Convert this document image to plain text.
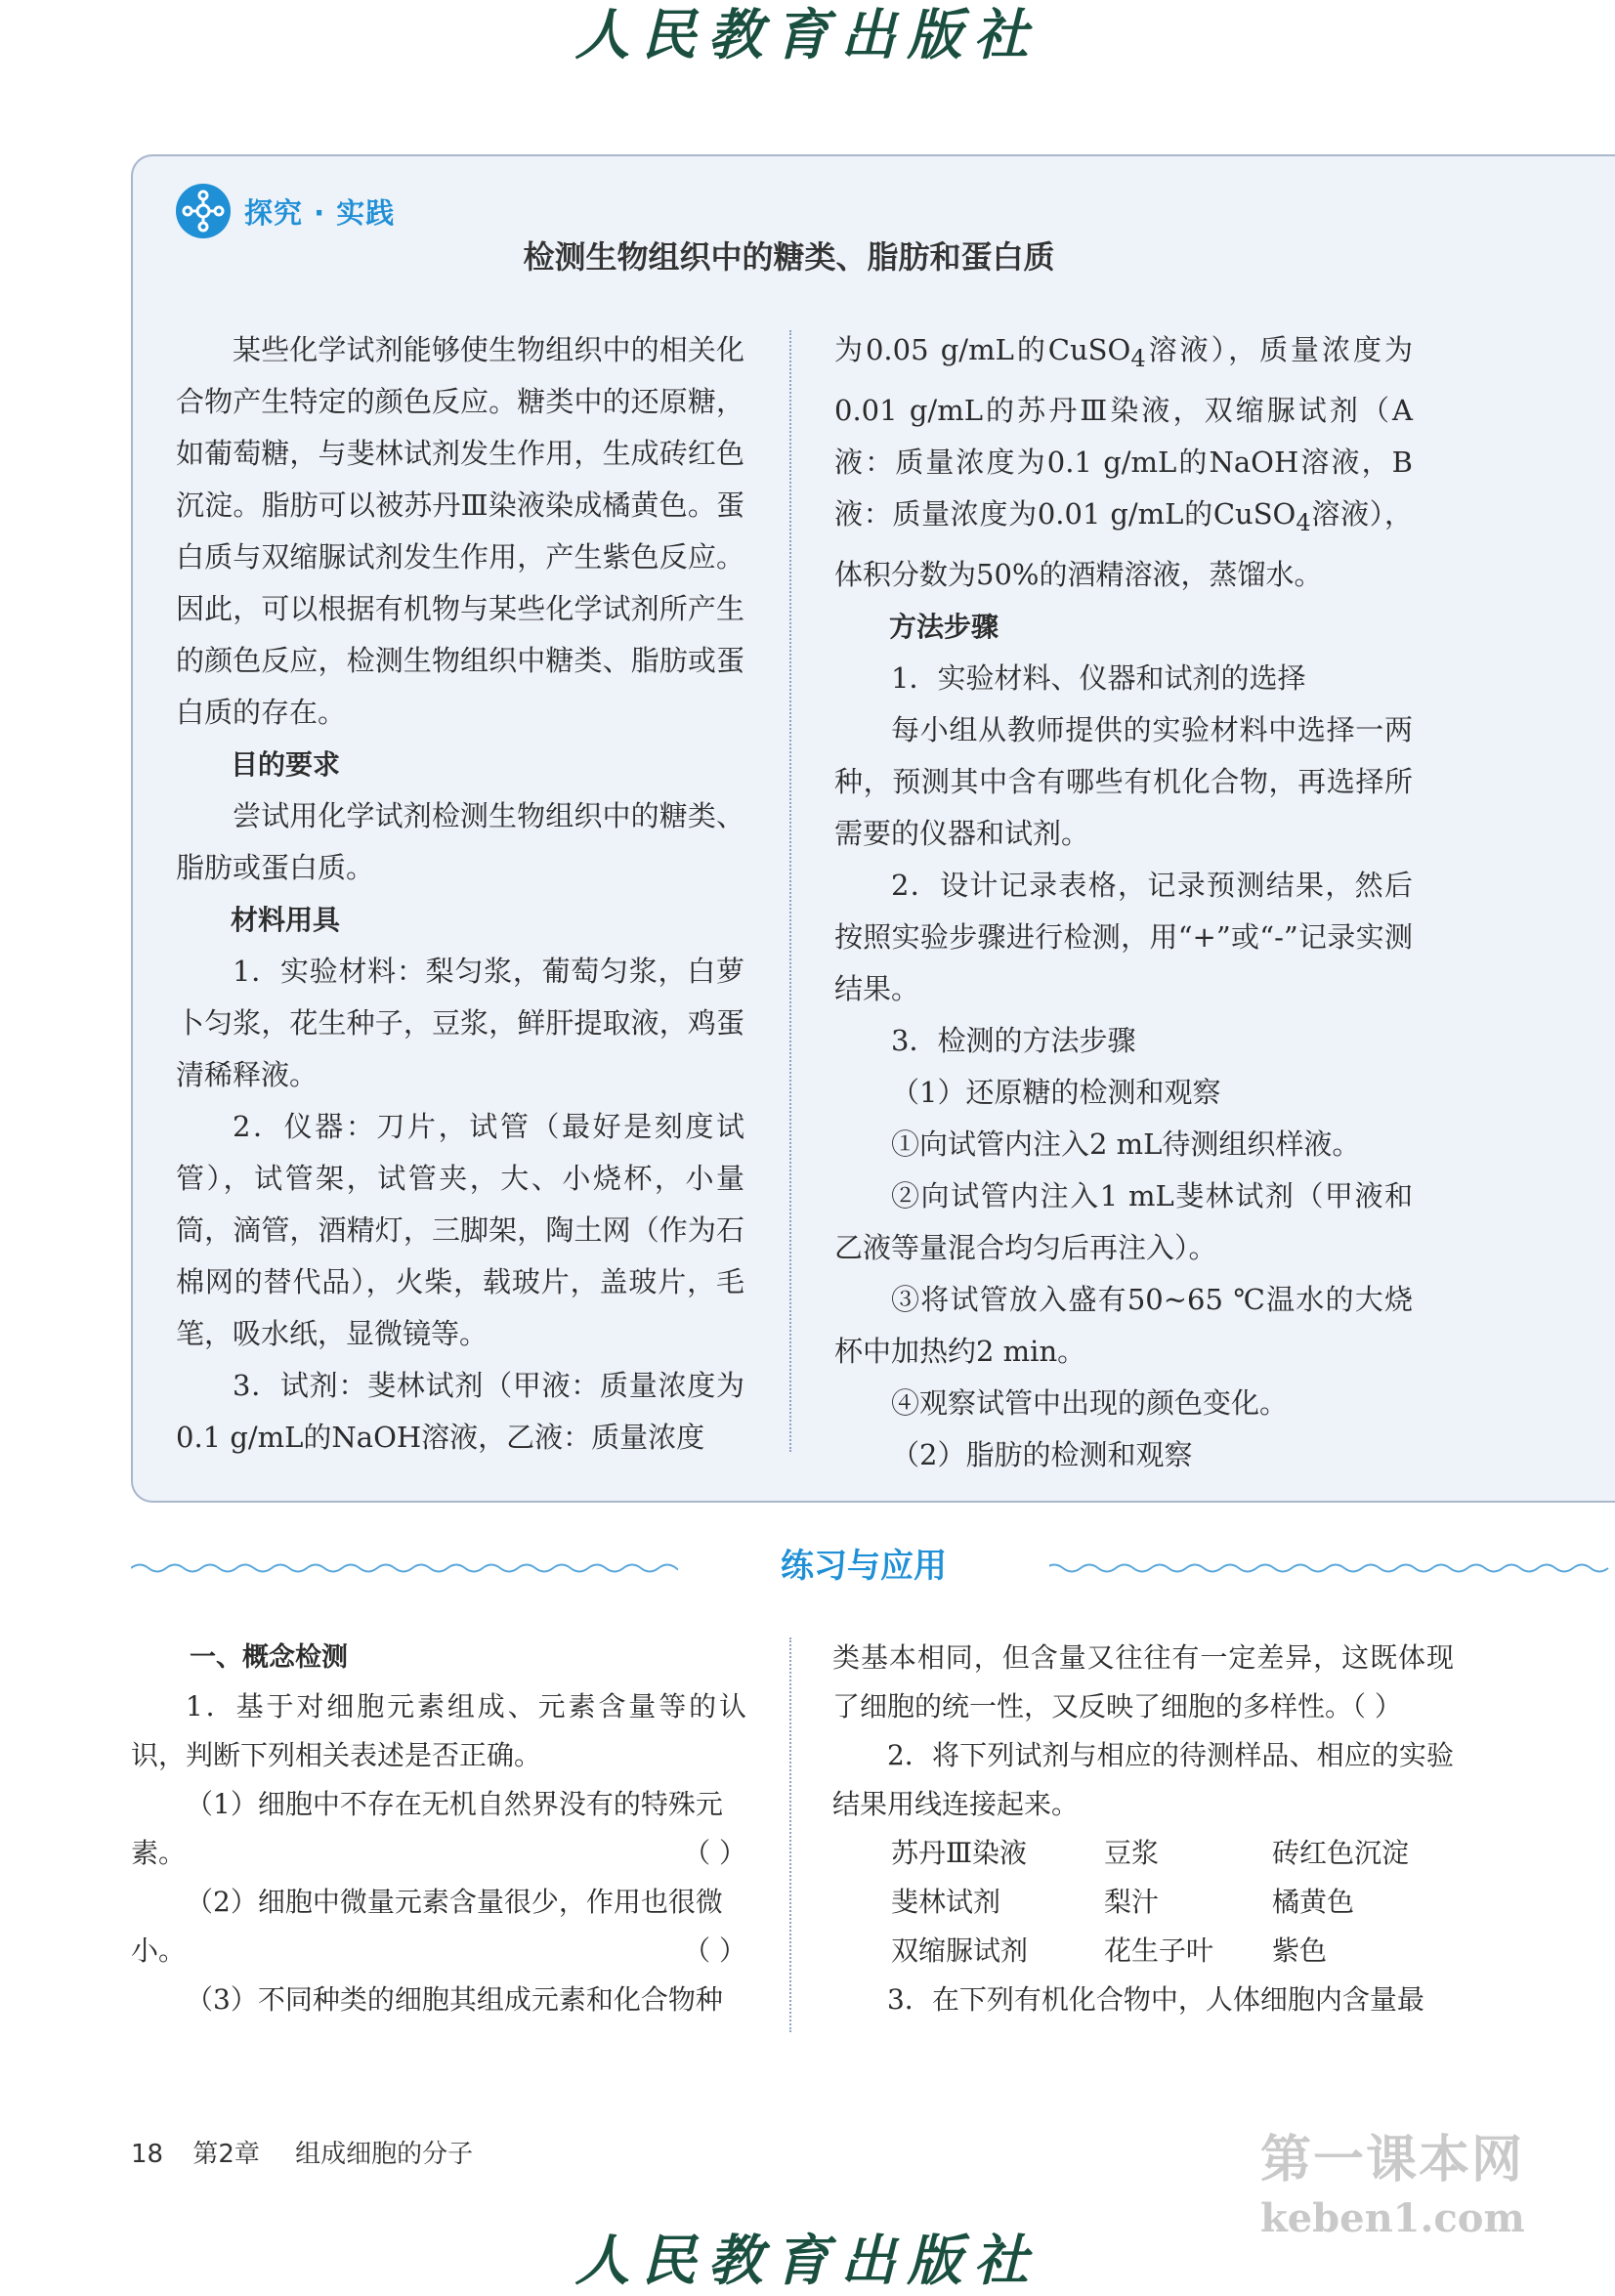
人民教育出版社
探究 · 实践
检测生物组织中的糖类、脂肪和蛋白质

某些化学试剂能够使生物组织中的相关化合物产生特定的颜色反应。糖类中的还原糖，如葡萄糖，与斐林试剂发生作用，生成砖红色沉淀。脂肪可以被苏丹Ⅲ染液染成橘黄色。蛋白质与双缩脲试剂发生作用，产生紫色反应。因此，可以根据有机物与某些化学试剂所产生的颜色反应，检测生物组织中糖类、脂肪或蛋白质的存在。

目的要求

尝试用化学试剂检测生物组织中的糖类、脂肪或蛋白质。

材料用具

1．实验材料：梨匀浆，葡萄匀浆，白萝卜匀浆，花生种子，豆浆，鲜肝提取液，鸡蛋清稀释液。

2．仪器：刀片，试管（最好是刻度试管），试管架，试管夹，大、小烧杯，小量筒，滴管，酒精灯，三脚架，陶土网（作为石棉网的替代品），火柴，载玻片，盖玻片，毛笔，吸水纸，显微镜等。

3．试剂：斐林试剂（甲液：质量浓度为0.1 g/mL的NaOH溶液，乙液：质量浓度

为0.05 g/mL的CuSO$_4$溶液），质量浓度为0.01 g/mL的苏丹Ⅲ染液，双缩脲试剂（A液：质量浓度为0.1 g/mL的NaOH溶液，B液：质量浓度为0.01 g/mL的CuSO$_4$溶液），体积分数为50%的酒精溶液，蒸馏水。

方法步骤

1．实验材料、仪器和试剂的选择

每小组从教师提供的实验材料中选择一两种，预测其中含有哪些有机化合物，再选择所需要的仪器和试剂。

2．设计记录表格，记录预测结果，然后按照实验步骤进行检测，用“+”或“-”记录实测结果。

3．检测的方法步骤

（1）还原糖的检测和观察

①向试管内注入2 mL待测组织样液。

②向试管内注入1 mL斐林试剂（甲液和乙液等量混合均匀后再注入）。

③将试管放入盛有50~65 ℃温水的大烧杯中加热约2 min。

④观察试管中出现的颜色变化。

（2）脂肪的检测和观察

练习与应用

一、概念检测

1．基于对细胞元素组成、元素含量等的认识，判断下列相关表述是否正确。

（1）细胞中不存在无机自然界没有的特殊元

素。	（ ）

（2）细胞中微量元素含量很少，作用也很微

小。	（ ）

（3）不同种类的细胞其组成元素和化合物种

类基本相同，但含量又往往有一定差异，这既体现了细胞的统一性，又反映了细胞的多样性。（ ）

2．将下列试剂与相应的待测样品、相应的实验结果用线连接起来。

苏丹Ⅲ染液	豆浆	砖红色沉淀
斐林试剂	梨汁	橘黄色
双缩脲试剂	花生子叶	紫色

3．在下列有机化合物中，人体细胞内含量最

18 第2章 组成细胞的分子	第一课本网
keben1.com
人民教育出版社
